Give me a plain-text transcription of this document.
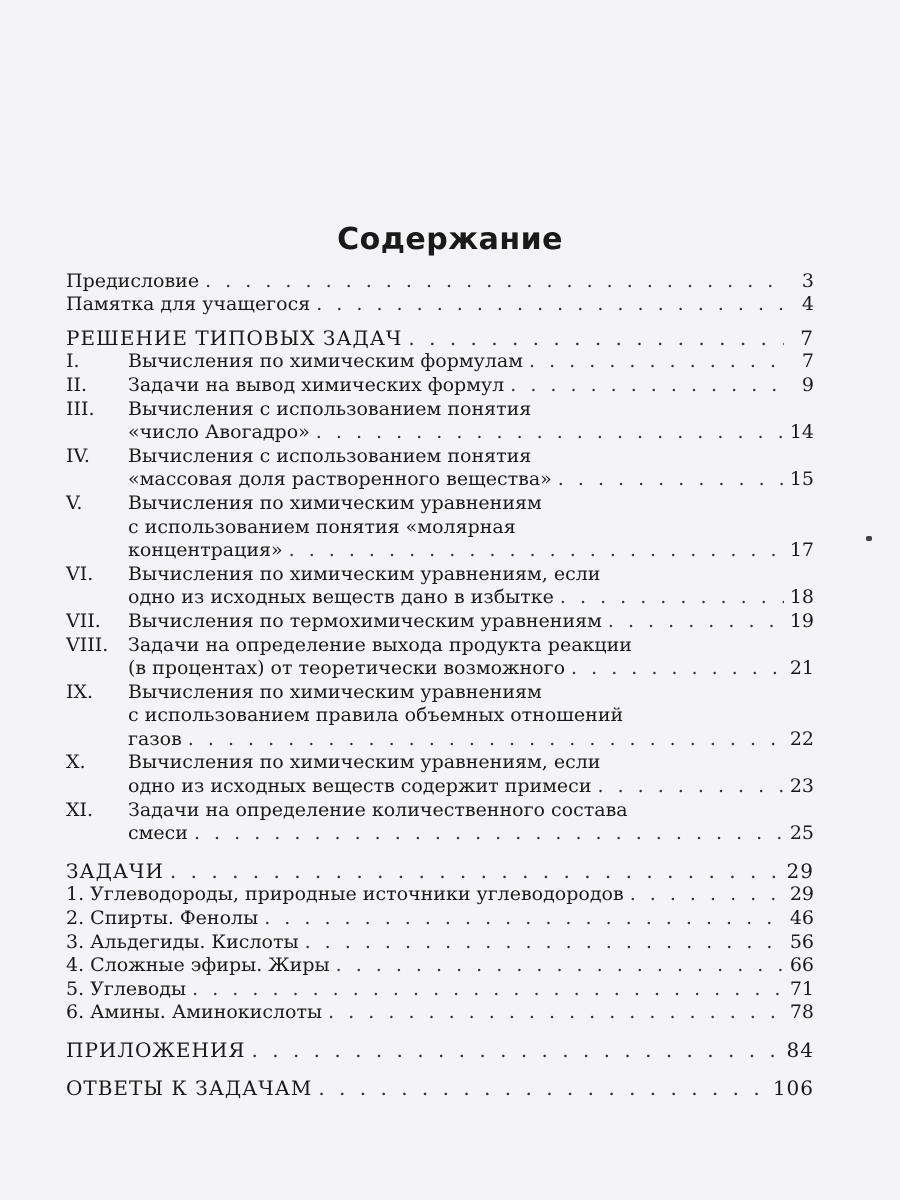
Содержание
Предисловие . . .	3
Памятка для учащегося . . .	4
РЕШЕНИЕ ТИПОВЫХ ЗАДАЧ . . .	7
I.	Вычисления по химическим формулам . . .	7
II.	Задачи на вывод химических формул . . .	9
III.	Вычисления с использованием понятия
«число Авогадро» . . .	14
IV.	Вычисления с использованием понятия
«массовая доля растворенного вещества» . . .	15
V.	Вычисления по химическим уравнениям
с использованием понятия «молярная
концентрация» . . .	17
VI.	Вычисления по химическим уравнениям, если
одно из исходных веществ дано в избытке . . .	18
VII.	Вычисления по термохимическим уравнениям . . .	19
VIII.	Задачи на определение выхода продукта реакции
(в процентах) от теоретически возможного . . .	21
IX.	Вычисления по химическим уравнениям
с использованием правила объемных отношений
газов . . .	22
X.	Вычисления по химическим уравнениям, если
одно из исходных веществ содержит примеси . . .	23
XI.	Задачи на определение количественного состава
смеси . . .	25
ЗАДАЧИ . . .	29
1. Углеводороды, природные источники углеводородов . . .	29
2. Спирты. Фенолы . . .	46
3. Альдегиды. Кислоты . . .	56
4. Сложные эфиры. Жиры . . .	66
5. Углеводы . . .	71
6. Амины. Аминокислоты . . .	78
ПРИЛОЖЕНИЯ . . .	84
ОТВЕТЫ К ЗАДАЧАМ . . .	106
